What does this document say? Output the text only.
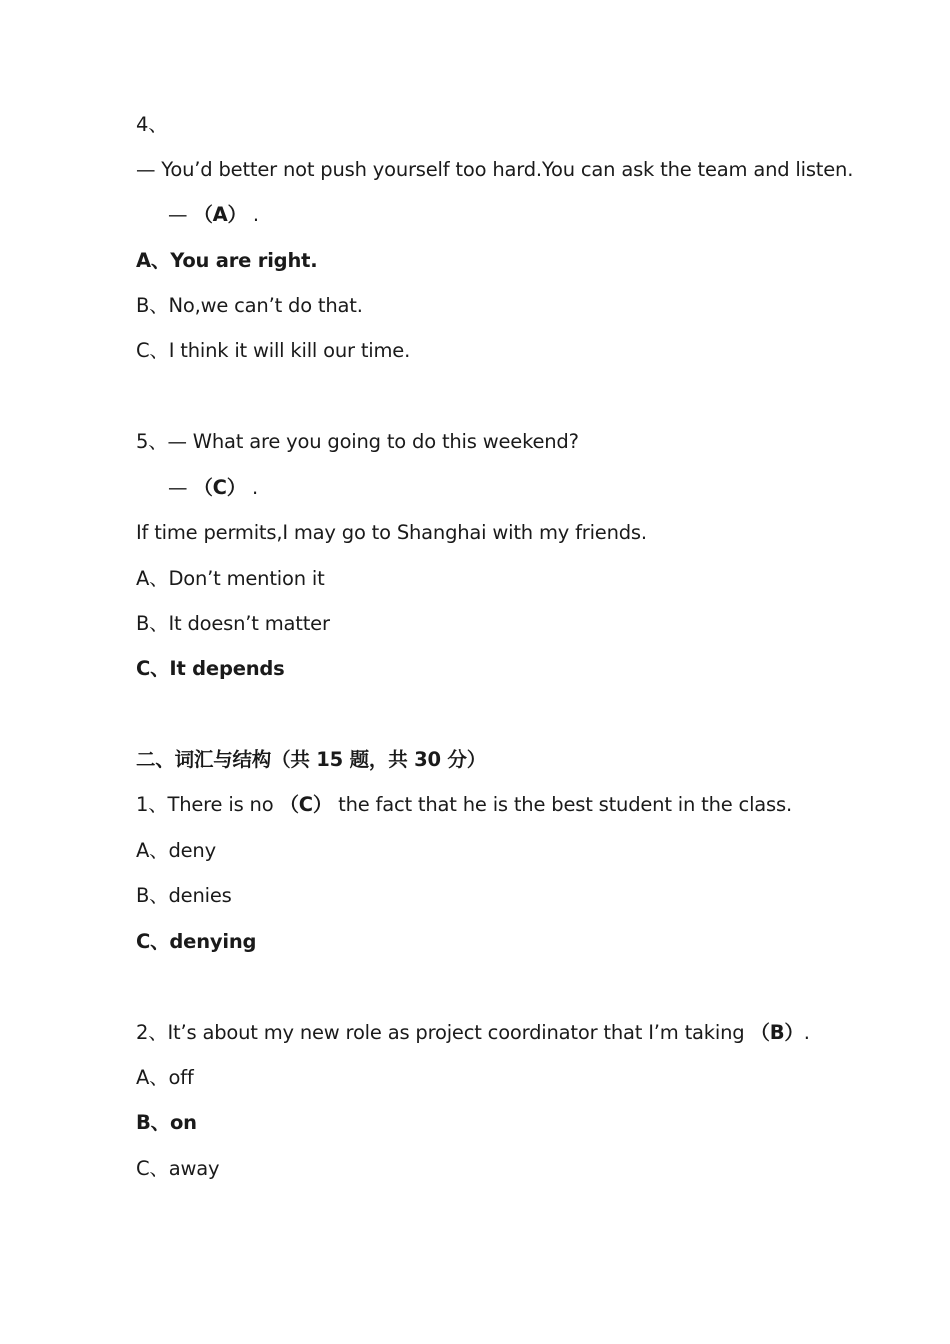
4、
— You’d better not push yourself too hard.You can ask the team and listen.
— （A） .
A、You are right.
B、No,we can’t do that.
C、I think it will kill our time.
5、— What are you going to do this weekend?
— （C） .
If time permits,I may go to Shanghai with my friends.
A、Don’t mention it
B、It doesn’t matter
C、It depends
二、词汇与结构（共 15 题，共 30 分）
1、There is no （C） the fact that he is the best student in the class.
A、deny
B、denies
C、denying
2、It’s about my new role as project coordinator that I’m taking （B）.
A、off
B、on
C、away
